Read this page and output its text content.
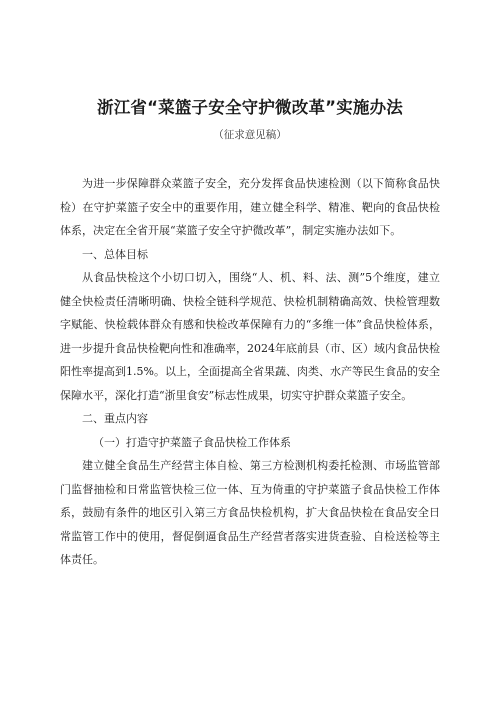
浙江省“菜篮子安全守护微改革”实施办法

（征求意见稿）

为进一步保障群众菜篮子安全，充分发挥食品快速检测（以下简称食品快检）在守护菜篮子安全中的重要作用，建立健全科学、精准、靶向的食品快检体系，决定在全省开展“菜篮子安全守护微改革”，制定实施办法如下。

一、总体目标

从食品快检这个小切口切入，围绕“人、机、料、法、测”5个维度，建立健全快检责任清晰明确、快检全链科学规范、快检机制精确高效、快检管理数字赋能、快检载体群众有感和快检改革保障有力的“多维一体”食品快检体系，进一步提升食品快检靶向性和准确率，2024年底前县（市、区）域内食品快检阳性率提高到1.5%。以上，全面提高全省果蔬、肉类、水产等民生食品的安全保障水平，深化打造“浙里食安”标志性成果，切实守护群众菜篮子安全。

二、重点内容

（一）打造守护菜篮子食品快检工作体系

建立健全食品生产经营主体自检、第三方检测机构委托检测、市场监管部门监督抽检和日常监管快检三位一体、互为倚重的守护菜篮子食品快检工作体系，鼓励有条件的地区引入第三方食品快检机构，扩大食品快检在食品安全日常监管工作中的使用，督促倒逼食品生产经营者落实进货查验、自检送检等主体责任。
